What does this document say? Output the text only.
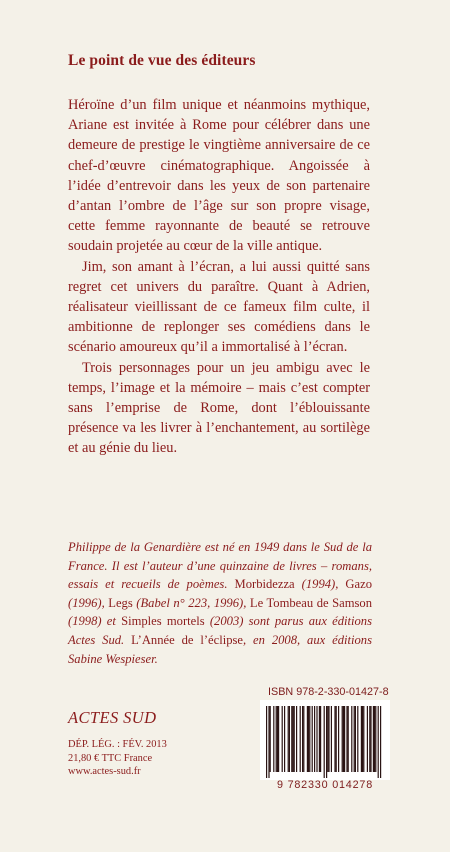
Le point de vue des éditeurs

Héroïne d’un film unique et néanmoins mythique, Ariane est invitée à Rome pour célébrer dans une demeure de prestige le vingtième anniversaire de ce chef-d’œuvre cinématographique. Angoissée à l’idée d’entrevoir dans les yeux de son partenaire d’antan l’ombre de l’âge sur son propre visage, cette femme rayonnante de beauté se retrouve soudain projetée au cœur de la ville antique.

Jim, son amant à l’écran, a lui aussi quitté sans regret cet univers du paraître. Quant à Adrien, réalisateur vieillissant de ce fameux film culte, il ambitionne de replonger ses comédiens dans le scénario amoureux qu’il a immortalisé à l’écran.

Trois personnages pour un jeu ambigu avec le temps, l’image et la mémoire – mais c’est compter sans l’emprise de Rome, dont l’éblouissante présence va les livrer à l’enchantement, au sortilège et au génie du lieu.

Philippe de la Genardière est né en 1949 dans le Sud de la France. Il est l’auteur d’une quinzaine de livres – romans, essais et recueils de poèmes. Morbidezza (1994), Gazo (1996), Legs (Babel n° 223, 1996), Le Tombeau de Samson (1998) et Simples mortels (2003) sont parus aux éditions Actes Sud. L’Année de l’éclipse, en 2008, aux éditions Sabine Wespieser.
ACTES SUD
DÉP. LÉG. : FÉV. 2013
21,80 € TTC France
www.actes-sud.fr
ISBN 978-2-330-01427-8
9 782330 014278
